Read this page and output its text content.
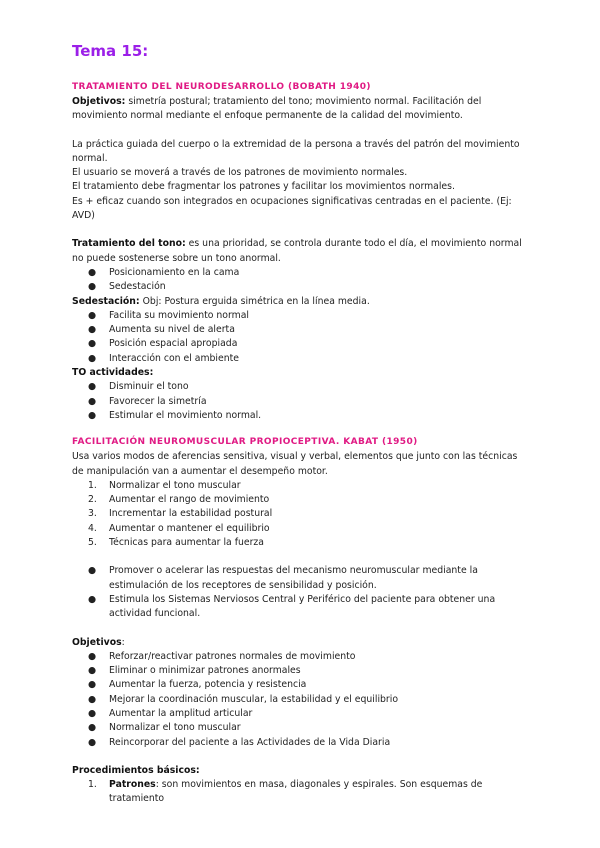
Tema 15:
TRATAMIENTO DEL NEURODESARROLLO (BOBATH 1940)

Objetivos: simetría postural; tratamiento del tono; movimiento normal. Facilitación del movimiento normal mediante el enfoque permanente de la calidad del movimiento.

La práctica guiada del cuerpo o la extremidad de la persona a través del patrón del movimiento normal.

El usuario se moverá a través de los patrones de movimiento normales.

El tratamiento debe fragmentar los patrones y facilitar los movimientos normales.

Es + eficaz cuando son integrados en ocupaciones significativas centradas en el paciente. (Ej: AVD)

Tratamiento del tono: es una prioridad, se controla durante todo el día, el movimiento normal no puede sostenerse sobre un tono anormal.

● Posicionamiento en la cama
● Sedestación

Sedestación: Obj: Postura erguida simétrica en la línea media.

● Facilita su movimiento normal
● Aumenta su nivel de alerta
● Posición espacial apropiada
● Interacción con el ambiente

TO actividades:

● Disminuir el tono
● Favorecer la simetría
● Estimular el movimiento normal.
FACILITACIÓN NEUROMUSCULAR PROPIOCEPTIVA. KABAT (1950)

Usa varios modos de aferencias sensitiva, visual y verbal, elementos que junto con las técnicas de manipulación van a aumentar el desempeño motor.

1. Normalizar el tono muscular
2. Aumentar el rango de movimiento
3. Incrementar la estabilidad postural
4. Aumentar o mantener el equilibrio
5. Técnicas para aumentar la fuerza
● Promover o acelerar las respuestas del mecanismo neuromuscular mediante la estimulación de los receptores de sensibilidad y posición.
● Estimula los Sistemas Nerviosos Central y Periférico del paciente para obtener una actividad funcional.

Objetivos:

● Reforzar/reactivar patrones normales de movimiento
● Eliminar o minimizar patrones anormales
● Aumentar la fuerza, potencia y resistencia
● Mejorar la coordinación muscular, la estabilidad y el equilibrio
● Aumentar la amplitud articular
● Normalizar el tono muscular
● Reincorporar del paciente a las Actividades de la Vida Diaria

Procedimientos básicos:

1. Patrones: son movimientos en masa, diagonales y espirales. Son esquemas de tratamiento
